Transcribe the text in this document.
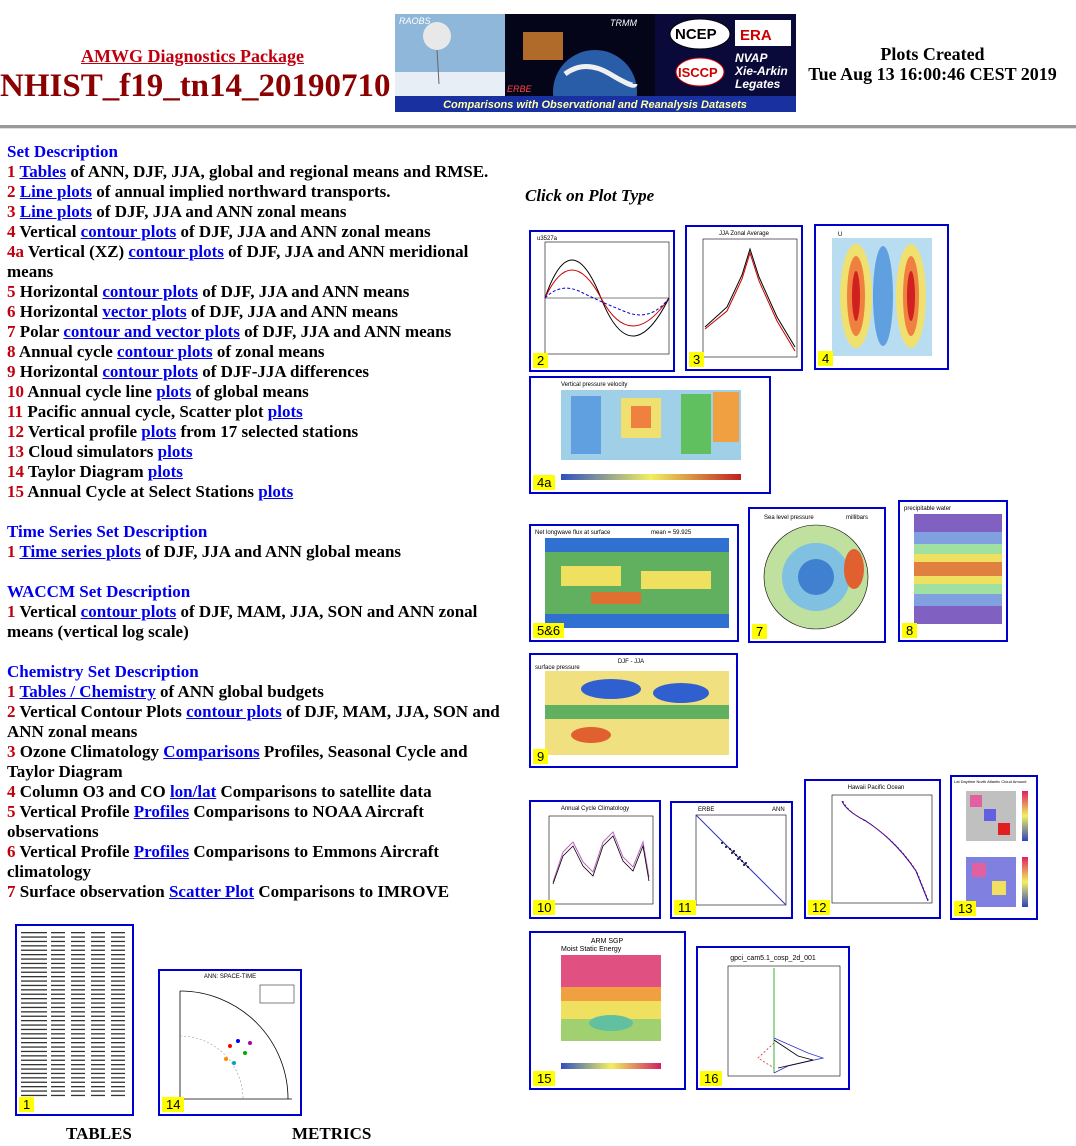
AMWG Diagnostics Package
NHIST_f19_tn14_20190710
RAOBS	TRMM
NCEP ERA
ERBE
ISCCP
NVAP
Xie-Arkin
Legates
Comparisons with Observational and Reanalysis Datasets
Plots Created
Tue Aug 13 16:00:46 CEST 2019

Set Description

1 Tables of ANN, DJF, JJA, global and regional means and RMSE.

2 Line plots of annual implied northward transports.

3 Line plots of DJF, JJA and ANN zonal means

4 Vertical contour plots of DJF, JJA and ANN zonal means

4a Vertical (XZ) contour plots of DJF, JJA and ANN meridional means

5 Horizontal contour plots of DJF, JJA and ANN means

6 Horizontal vector plots of DJF, JJA and ANN means

7 Polar contour and vector plots of DJF, JJA and ANN means

8 Annual cycle contour plots of zonal means

9 Horizontal contour plots of DJF-JJA differences

10 Annual cycle line plots of global means

11 Pacific annual cycle, Scatter plot plots

12 Vertical profile plots from 17 selected stations

13 Cloud simulators plots

14 Taylor Diagram plots

15 Annual Cycle at Select Stations plots

Time Series Set Description

1 Time series plots of DJF, JJA and ANN global means

WACCM Set Description

1 Vertical contour plots of DJF, MAM, JJA, SON and ANN zonal means (vertical log scale)

Chemistry Set Description

1 Tables / Chemistry of ANN global budgets

2 Vertical Contour Plots contour plots of DJF, MAM, JJA, SON and ANN zonal means

3 Ozone Climatology Comparisons Profiles, Seasonal Cycle and Taylor Diagram

4 Column O3 and CO lon/lat Comparisons to satellite data

5 Vertical Profile Profiles Comparisons to NOAA Aircraft observations

6 Vertical Profile Profiles Comparisons to Emmons Aircraft climatology

7 Surface observation Scatter Plot Comparisons to IMROVE

1
ANN: SPACE-TIME
14
TABLES	METRICS
Click on Plot Type
u3527a
2
JJA Zonal Average
3
U
4
Vertical pressure velocity
4a
Net longwave flux at surface	mean = 59.925
5&6
Sea level pressure	millibars
7
precipitable water
8
DJF - JJA
surface pressure
9
Annual Cycle Climatology
10
ERBE	ANN
11
Hawaii Pacific Ocean
12
Lat Daytime North Atlantic Cloud Amount
13
ARM SGP
Moist Static Energy
15
gpci_cam5.1_cosp_2d_001
16
